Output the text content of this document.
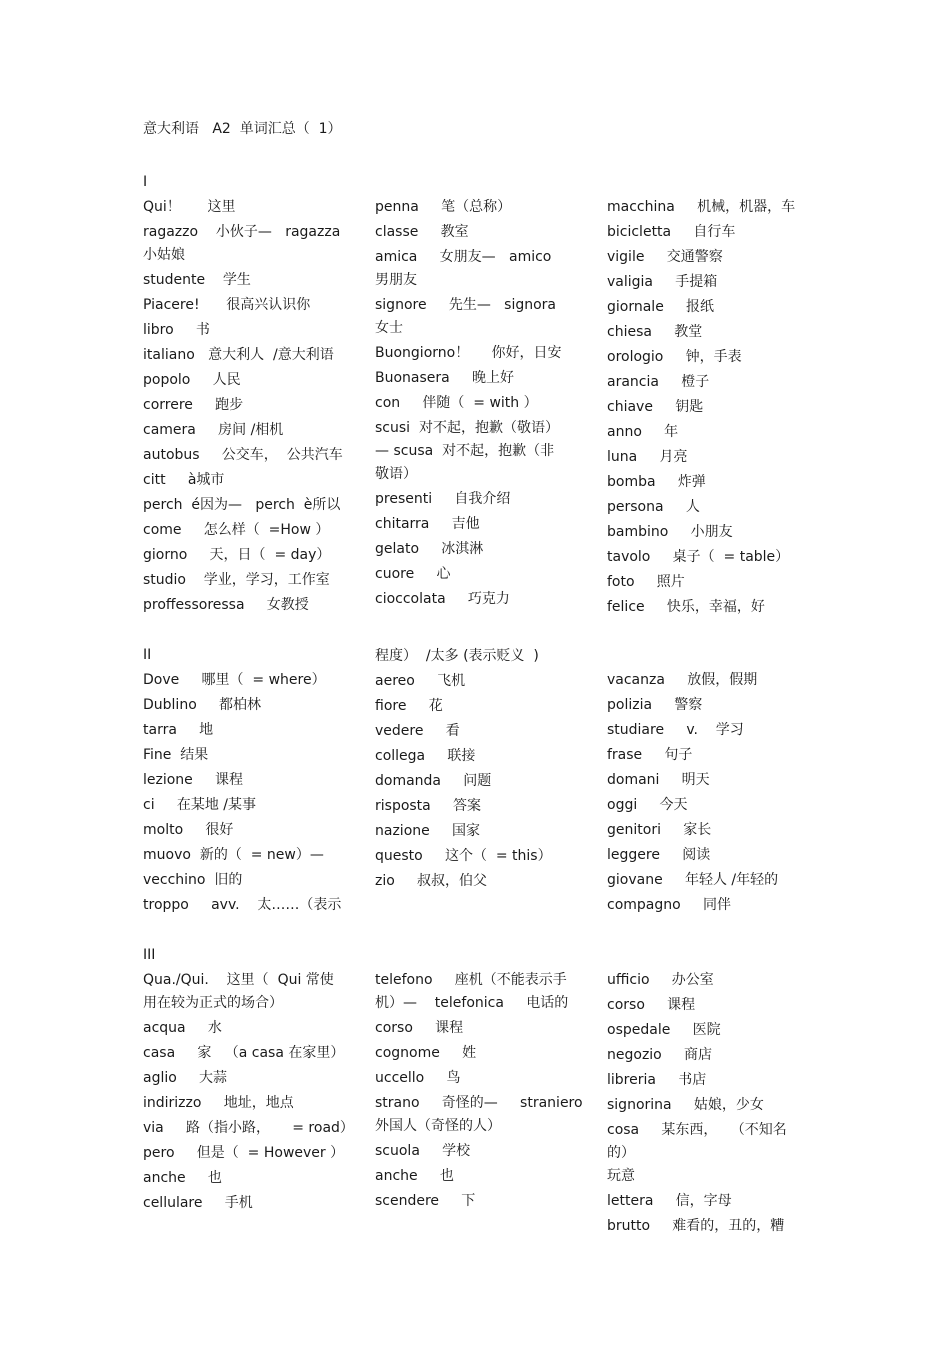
意大利语   A2  单词汇总（  1）
I
Qui！      这里
ragazzo    小伙子—   ragazza
小姑娘
studente    学生
Piacere!      很高兴认识你
libro     书
italiano   意大利人  /意大利语
popolo     人民
correre     跑步
camera     房间 /相机
autobus     公交车，  公共汽车
citt     à城市
perch  é因为—   perch  è所以
come     怎么样（  =How ）
giorno     天，日（  = day）
studio    学业，学习，工作室
proffessoressa     女教授
penna     笔（总称）
classe     教室
amica     女朋友—   amico
男朋友
signore     先生—   signora
女士
Buongiorno！     你好，日安
Buonasera     晚上好
con     伴随（  = with ）
scusi  对不起，抱歉（敬语）
— scusa  对不起，抱歉（非
敬语）
presenti     自我介绍
chitarra     吉他
gelato     冰淇淋
cuore     心
cioccolata     巧克力
macchina     机械，机器，车
bicicletta     自行车
vigile     交通警察
valigia     手提箱
giornale     报纸
chiesa     教堂
orologio     钟，手表
arancia     橙子
chiave     钥匙
anno     年
luna     月亮
bomba     炸弹
persona     人
bambino     小朋友
tavolo     桌子（  = table）
foto     照片
felice     快乐，幸福，好
II
Dove     哪里（  = where）
Dublino     都柏林
tarra     地
Fine  结果
lezione     课程
ci     在某地 /某事
molto     很好
muovo  新的（  = new）—
vecchino  旧的
troppo     avv.    太……（表示
程度）  /太多 (表示贬义  )
aereo     飞机
fiore     花
vedere     看
collega     联接
domanda     问题
risposta     答案
nazione     国家
questo     这个（  = this）
zio     叔叔，伯父
vacanza     放假，假期
polizia     警察
studiare     v.    学习
frase     句子
domani     明天
oggi     今天
genitori     家长
leggere     阅读
giovane     年轻人 /年轻的
compagno     同伴
III
Qua./Qui.    这里（  Qui 常使
用在较为正式的场合）
acqua     水
casa     家   （a casa 在家里）
aglio     大蒜
indirizzo     地址，地点
via     路（指小路，     = road）
pero     但是（  = However ）
anche     也
cellulare     手机
telefono     座机（不能表示手
机）—    telefonica     电话的
corso     课程
cognome     姓
uccello     鸟
strano     奇怪的—     straniero
外国人（奇怪的人）
scuola     学校
anche     也
scendere     下
ufficio     办公室
corso     课程
ospedale     医院
negozio     商店
libreria     书店
signorina     姑娘，少女
cosa     某东西，   （不知名的）
玩意
lettera     信，字母
brutto     难看的，丑的，糟
